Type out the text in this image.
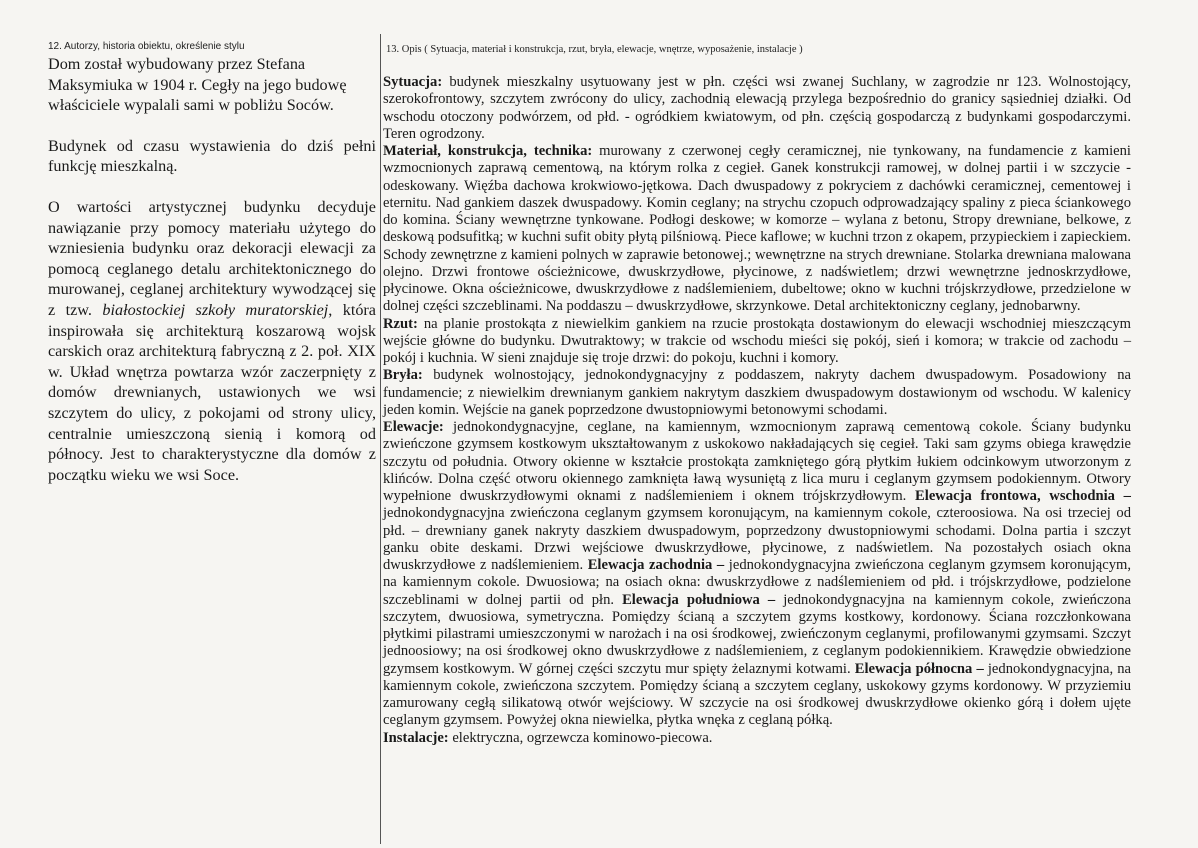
12. Autorzy, historia obiektu, określenie stylu

Dom został wybudowany przez Stefana Maksymiuka w 1904 r. Cegły na jego budowę właściciele wypalali sami w pobliżu Soców.

Budynek od czasu wystawienia do dziś pełni funkcję mieszkalną.

O wartości artystycznej budynku decyduje nawiązanie przy pomocy materiału użytego do wzniesienia budynku oraz dekoracji elewacji za pomocą ceglanego detalu architektonicznego do murowanej, ceglanej architektury wywodzącej się z tzw. białostockiej szkoły muratorskiej, która inspirowała się architekturą koszarową wojsk carskich oraz architekturą fabryczną z 2. poł. XIX w. Układ wnętrza powtarza wzór zaczerpnięty z domów drewnianych, ustawionych we wsi szczytem do ulicy, z pokojami od strony ulicy, centralnie umieszczoną sienią i komorą od północy. Jest to charakterystyczne dla domów z początku wieku we wsi Soce.

13. Opis ( Sytuacja, materiał i konstrukcja, rzut, bryła, elewacje, wnętrze, wyposażenie, instalacje )

Sytuacja: budynek mieszkalny usytuowany jest w płn. części wsi zwanej Suchlany, w zagrodzie nr 123. Wolnostojący, szerokofrontowy, szczytem zwrócony do ulicy, zachodnią elewacją przylega bezpośrednio do granicy sąsiedniej działki. Od wschodu otoczony podwórzem, od płd. - ogródkiem kwiatowym, od płn. częścią gospodarczą z budynkami gospodarczymi. Teren ogrodzony.

Materiał, konstrukcja, technika: murowany z czerwonej cegły ceramicznej, nie tynkowany, na fundamencie z kamieni wzmocnionych zaprawą cementową, na którym rolka z cegieł. Ganek konstrukcji ramowej, w dolnej partii i w szczycie - odeskowany. Więźba dachowa krokwiowo-jętkowa. Dach dwuspadowy z pokryciem z dachówki ceramicznej, cementowej i eternitu. Nad gankiem daszek dwuspadowy. Komin ceglany; na strychu czopuch odprowadzający spaliny z pieca ściankowego do komina. Ściany wewnętrzne tynkowane. Podłogi deskowe; w komorze – wylana z betonu, Stropy drewniane, belkowe, z deskową podsufitką; w kuchni sufit obity płytą pilśniową. Piece kaflowe; w kuchni trzon z okapem, przypieckiem i zapieckiem. Schody zewnętrzne z kamieni polnych w zaprawie betonowej.; wewnętrzne na strych drewniane. Stolarka drewniana malowana olejno. Drzwi frontowe ościeżnicowe, dwuskrzydłowe, płycinowe, z nadświetlem; drzwi wewnętrzne jednoskrzydłowe, płycinowe. Okna ościeżnicowe, dwuskrzydłowe z nadślemieniem, dubeltowe; okno w kuchni trójskrzydłowe, przedzielone w dolnej części szczeblinami. Na poddaszu – dwuskrzydłowe, skrzynkowe. Detal architektoniczny ceglany, jednobarwny.

Rzut: na planie prostokąta z niewielkim gankiem na rzucie prostokąta dostawionym do elewacji wschodniej mieszczącym wejście główne do budynku. Dwutraktowy; w trakcie od wschodu mieści się pokój, sień i komora; w trakcie od zachodu – pokój i kuchnia. W sieni znajduje się troje drzwi: do pokoju, kuchni i komory.

Bryła: budynek wolnostojący, jednokondygnacyjny z poddaszem, nakryty dachem dwuspadowym. Posadowiony na fundamencie; z niewielkim drewnianym gankiem nakrytym daszkiem dwuspadowym dostawionym od wschodu. W kalenicy jeden komin. Wejście na ganek poprzedzone dwustopniowymi betonowymi schodami.

Elewacje: jednokondygnacyjne, ceglane, na kamiennym, wzmocnionym zaprawą cementową cokole. Ściany budynku zwieńczone gzymsem kostkowym ukształtowanym z uskokowo nakładających się cegieł. Taki sam gzyms obiega krawędzie szczytu od południa. Otwory okienne w kształcie prostokąta zamkniętego górą płytkim łukiem odcinkowym utworzonym z klińców. Dolna część otworu okiennego zamknięta ławą wysuniętą z lica muru i ceglanym gzymsem podokiennym. Otwory wypełnione dwuskrzydłowymi oknami z nadślemieniem i oknem trójskrzydłowym. Elewacja frontowa, wschodnia – jednokondygnacyjna zwieńczona ceglanym gzymsem koronującym, na kamiennym cokole, czteroosiowa. Na osi trzeciej od płd. – drewniany ganek nakryty daszkiem dwuspadowym, poprzedzony dwustopniowymi schodami. Dolna partia i szczyt ganku obite deskami. Drzwi wejściowe dwuskrzydłowe, płycinowe, z nadświetlem. Na pozostałych osiach okna dwuskrzydłowe z nadślemieniem. Elewacja zachodnia – jednokondygnacyjna zwieńczona ceglanym gzymsem koronującym, na kamiennym cokole. Dwuosiowa; na osiach okna: dwuskrzydłowe z nadślemieniem od płd. i trójskrzydłowe, podzielone szczeblinami w dolnej partii od płn. Elewacja południowa – jednokondygnacyjna na kamiennym cokole, zwieńczona szczytem, dwuosiowa, symetryczna. Pomiędzy ścianą a szczytem gzyms kostkowy, kordonowy. Ściana rozczłonkowana płytkimi pilastrami umieszczonymi w narożach i na osi środkowej, zwieńczonym ceglanymi, profilowanymi gzymsami. Szczyt jednoosiowy; na osi środkowej okno dwuskrzydłowe z nadślemieniem, z ceglanym podokiennikiem. Krawędzie obwiedzione gzymsem kostkowym. W górnej części szczytu mur spięty żelaznymi kotwami. Elewacja północna – jednokondygnacyjna, na kamiennym cokole, zwieńczona szczytem. Pomiędzy ścianą a szczytem ceglany, uskokowy gzyms kordonowy. W przyziemiu zamurowany cegłą silikatową otwór wejściowy. W szczycie na osi środkowej dwuskrzydłowe okienko górą i dołem ujęte ceglanym gzymsem. Powyżej okna niewielka, płytka wnęka z ceglaną półką.

Instalacje: elektryczna, ogrzewcza kominowo-piecowa.
